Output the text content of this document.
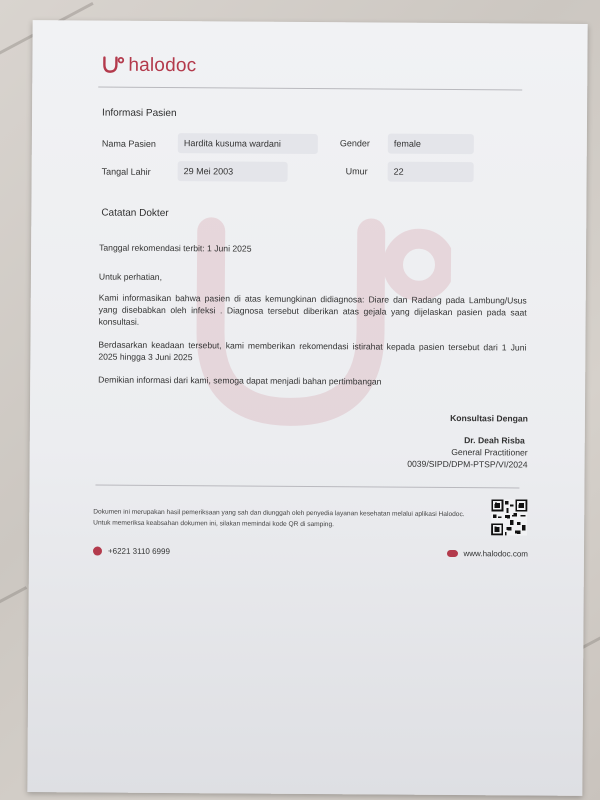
halodoc
Informasi Pasien
Nama Pasien	Hardita kusuma wardani	Gender	female
Tangal Lahir	29 Mei 2003	Umur	22
Catatan Dokter
Tanggal rekomendasi terbit: 1 Juni 2025
Untuk perhatian,
Kami informasikan bahwa pasien di atas kemungkinan didiagnosa: Diare dan Radang pada Lambung/Usus yang disebabkan oleh infeksi . Diagnosa tersebut diberikan atas gejala yang dijelaskan pasien pada saat konsultasi.
Berdasarkan keadaan tersebut, kami memberikan rekomendasi istirahat kepada pasien tersebut dari 1 Juni 2025 hingga 3 Juni 2025
Demikian informasi dari kami, semoga dapat menjadi bahan pertimbangan
Konsultasi Dengan
Dr. Deah Risba
General Practitioner
0039/SIPD/DPM-PTSP/VI/2024
Dokumen ini merupakan hasil pemeriksaan yang sah dan diunggah oleh penyedia layanan kesehatan melalui aplikasi Halodoc. Untuk memeriksa keabsahan dokumen ini, silakan memindai kode QR di samping.
+6221 3110 6999	www.halodoc.com
